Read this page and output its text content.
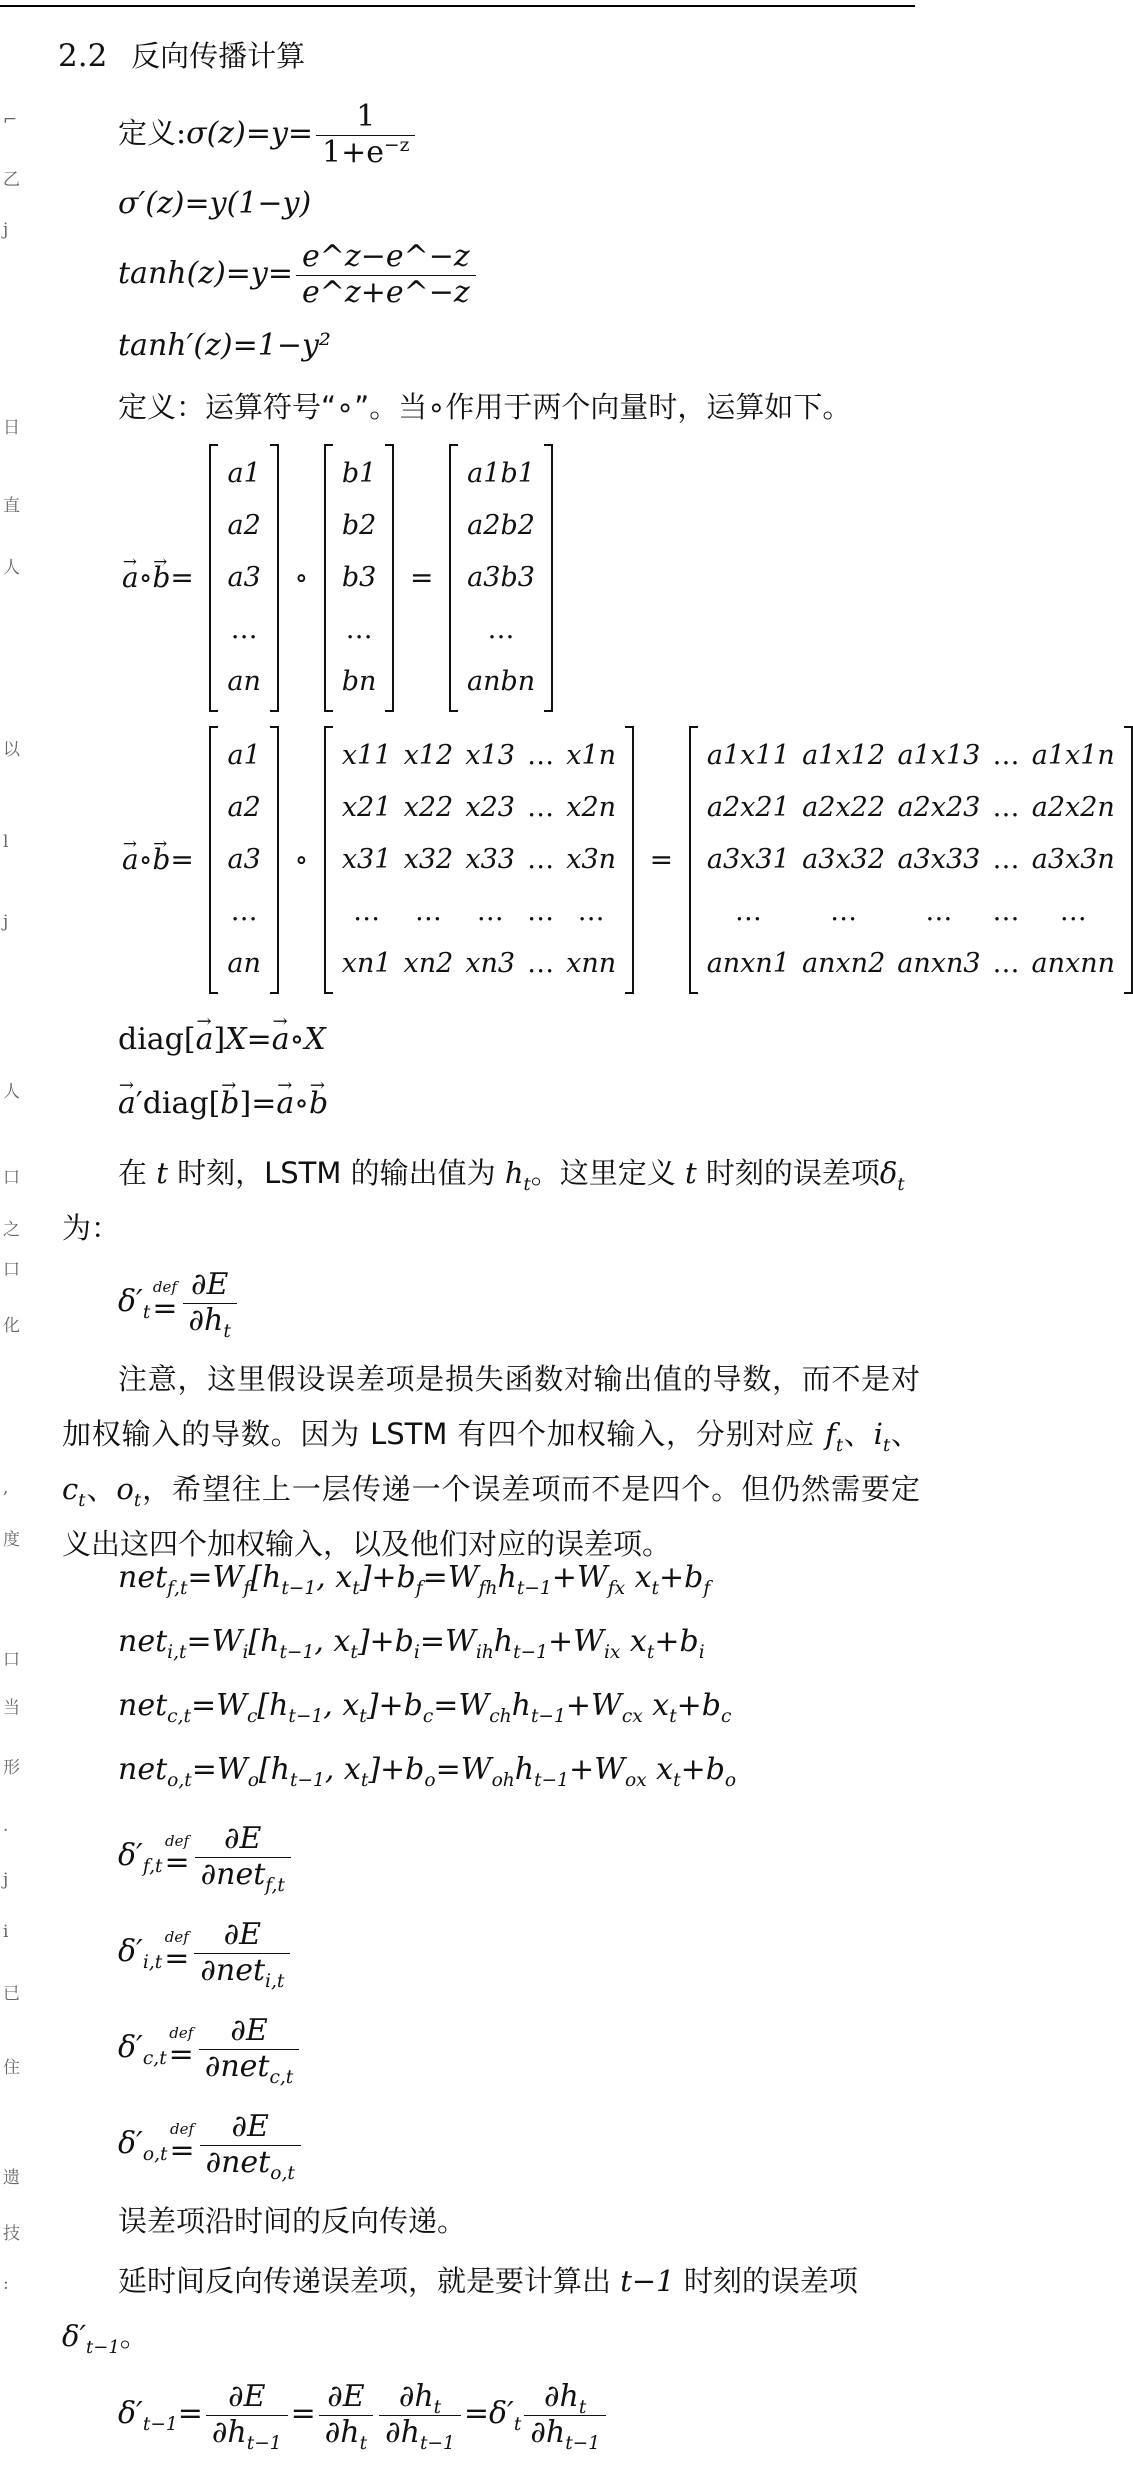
⌐
乙
j
日
直
人
以
l
j
人
口
之
口
化
,
度
口
当
形
.
j
i
已
住
遗
技
:
2.2 反向传播计算
定义:σ(z)=y= $\frac{1}{1+e^{-z}}$
σ′(z)=y(1−y)
$\tanh(z)=y= \frac{e\^{}z-e\^{}-z}{e\^{}z+e\^{}-z}$
tanh′(z)=1−y²
定义：运算符号“∘”。当∘作用于两个向量时，运算如下。
→ a∘→ b=
a1
a2
a3
…
an
∘
b1
b2
b3
…
bn
=
a1b1
a2b2
a3b3
…
anbn
→ a∘→ b=
a1
a2
a3
…
an
∘
x11	x12	x13	…	x1n
x21	x22	x23	…	x2n
x31	x32	x33	…	x3n
…	…	…	…	…
xn1	xn2	xn3	…	xnn
=
a1x11	a1x12	a1x13	…	a1x1n
a2x21	a2x22	a2x23	…	a2x2n
a3x31	a3x32	a3x33	…	a3x3n
…	…	…	…	…
anxn1	anxn2	anxn3	…	anxnn
diag[→ a]X=→ a∘X
→ a′diag[→ b]=→ a∘→ b
在 t 时刻，LSTM 的输出值为 $h_t$。这里定义 t 时刻的误差项$\delta_t$
为：
$\delta'_t$
def
= $\frac{\partial E}{\partial h_t}$
注意，这里假设误差项是损失函数对输出值的导数，而不是对加权输入的导数。因为 LSTM 有四个加权输入，分别对应 $f_t$、$i_t$、$c_t$、$o_t$，希望往上一层传递一个误差项而不是四个。但仍然需要定义出这四个加权输入，以及他们对应的误差项。
$net_{f,t}=W_f[h_{t-1}$, $x_t]+b_f=W_{fh}h_{t-1}+W_{fx}$ $x_t+b_f$
$net_{i,t}=W_i[h_{t-1}$, $x_t]+b_i=W_{ih}h_{t-1}+W_{ix}$ $x_t+b_i$
$net_{c,t}=W_c[h_{t-1}$, $x_t]+b_c=W_{ch}h_{t-1}+W_{cx}$ $x_t+b_c$
$net_{o,t}=W_o[h_{t-1}$, $x_t]+b_o=W_{oh}h_{t-1}+W_{ox}$ $x_t+b_o$
$\delta'_{f,t}$
def
= $\frac{\partial E}{\partial net_{f,t}}$
$\delta'_{i,t}$
def
= $\frac{\partial E}{\partial net_{i,t}}$
$\delta'_{c,t}$
def
= $\frac{\partial E}{\partial net_{c,t}}$
$\delta'_{o,t}$
def
= $\frac{\partial E}{\partial net_{o,t}}$
误差项沿时间的反向传递。
延时间反向传递误差项，就是要计算出 t−1 时刻的误差项
$\delta'_{t-1}$。
$\delta'_{t-1}= \frac{\partial E}{\partial h_{t-1}} = \frac{\partial E}{\partial h_t} \frac{\partial h_t}{\partial h_{t-1}} =\delta'_t \frac{\partial h_t}{\partial h_{t-1}}$
